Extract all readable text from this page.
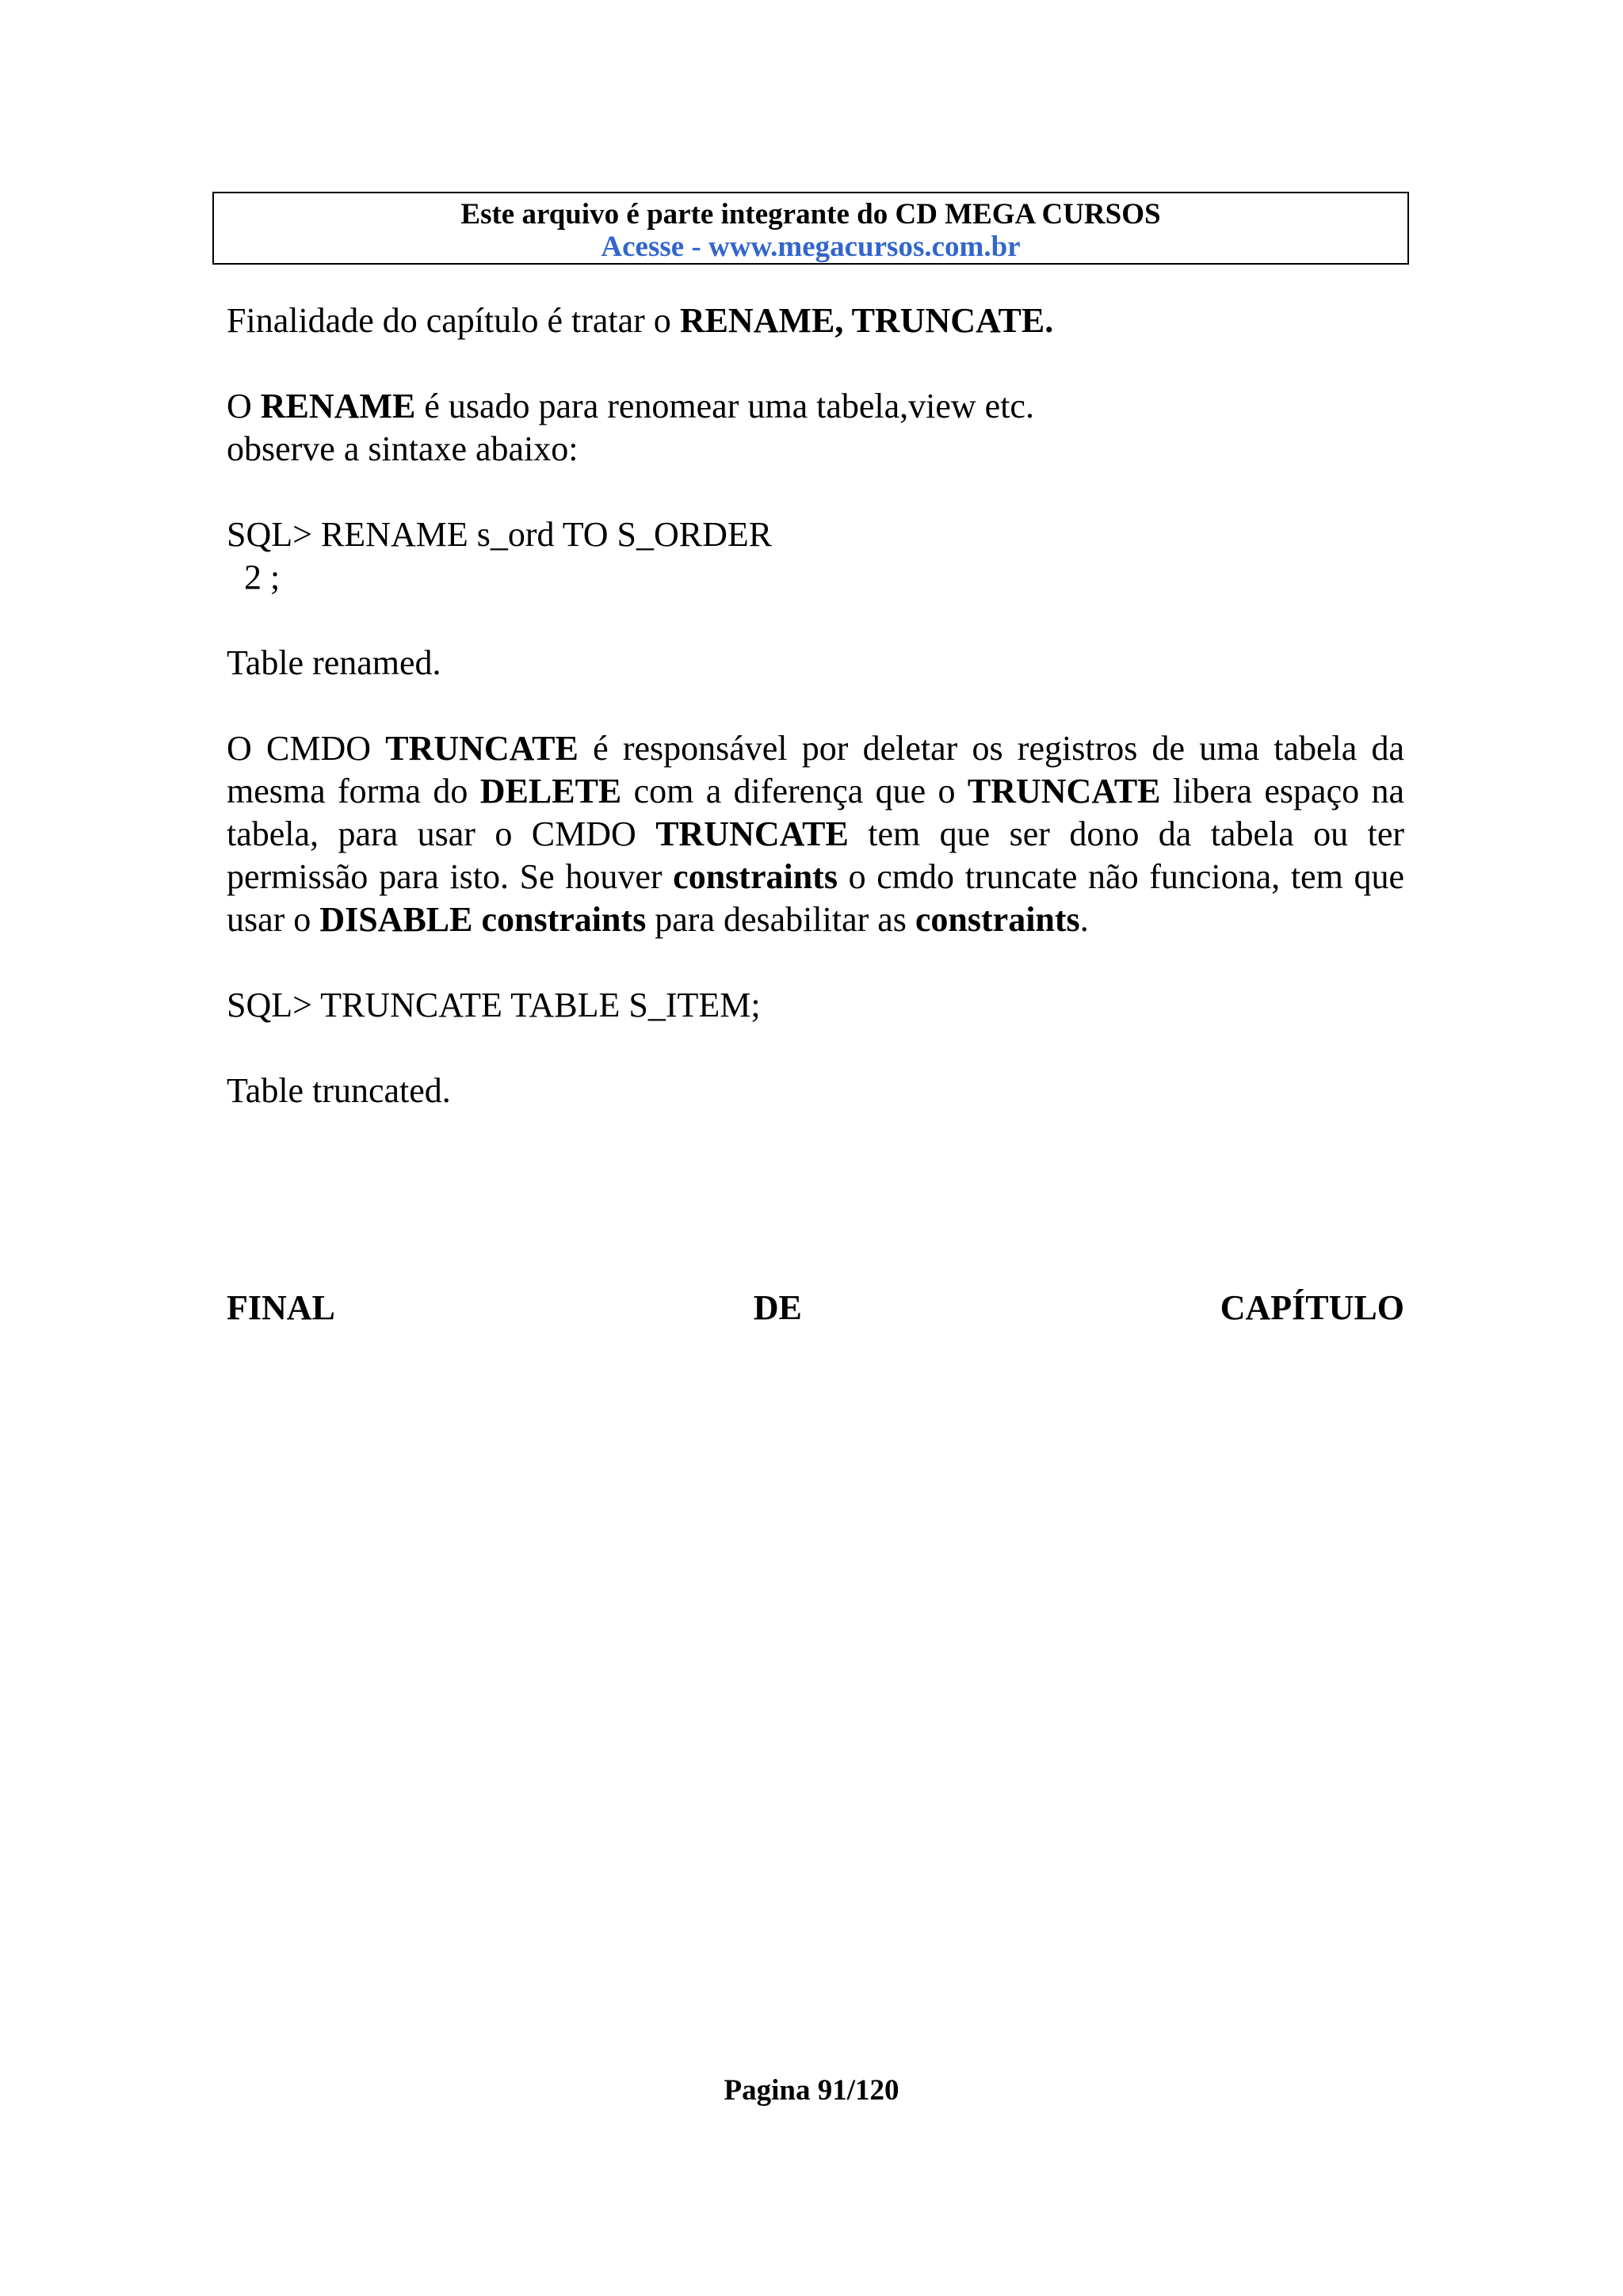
Este arquivo é parte integrante do CD MEGA CURSOS
Acesse - www.megacursos.com.br

Finalidade do capítulo é tratar o RENAME, TRUNCATE.

O RENAME é usado para renomear uma tabela,view etc.

observe a sintaxe abaixo:

SQL> RENAME s_ord TO S_ORDER

2 ;

Table renamed.

O CMDO TRUNCATE é responsável por deletar os registros de uma tabela da mesma forma do DELETE com a diferença que o TRUNCATE libera espaço na tabela, para usar o CMDO TRUNCATE tem que ser dono da tabela ou ter permissão para isto. Se houver constraints o cmdo truncate não funciona, tem que usar o DISABLE constraints para desabilitar as constraints.

SQL> TRUNCATE TABLE S_ITEM;

Table truncated.

FINAL	DE	CAPÍTULO
Pagina 91/120
